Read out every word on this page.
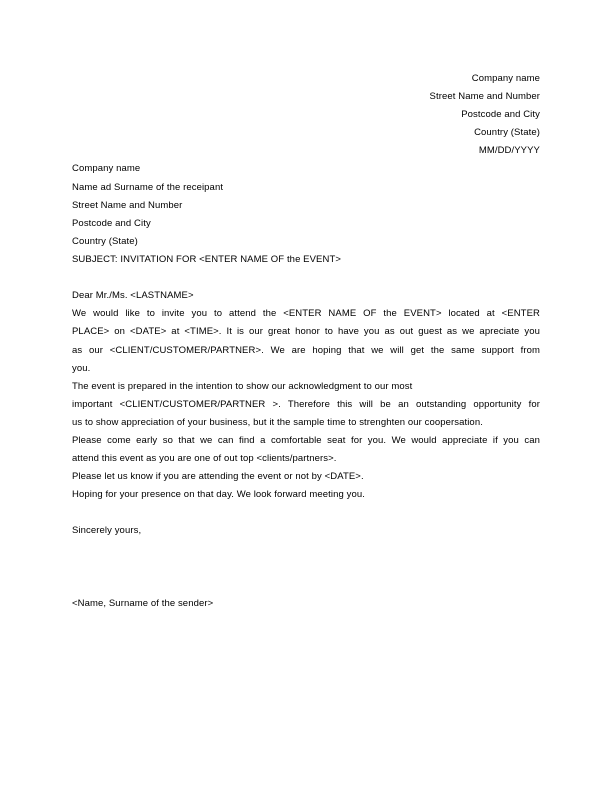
Company name
Street Name and Number
Postcode and City
Country (State)
MM/DD/YYYY
Company name
Name ad Surname of the receipant
Street Name and Number
Postcode and City
Country (State)
SUBJECT: INVITATION FOR <ENTER NAME OF the EVENT>
Dear Mr./Ms. <LASTNAME>
We would like to invite you to attend the <ENTER NAME OF the EVENT> located at <ENTER
PLACE> on <DATE> at <TIME>. It is our great honor to have you as out guest as we apreciate you
as our <CLIENT/CUSTOMER/PARTNER>. We are hoping that we will get the same support from
you.
The event is prepared in the intention to show our acknowledgment to our most
important <CLIENT/CUSTOMER/PARTNER >. Therefore this will be an outstanding opportunity for
us to show appreciation of your business, but it the sample time to strenghten our coopersation.
Please come early so that we can find a comfortable seat for you. We would appreciate if you can
attend this event as you are one of out top <clients/partners>.
Please let us know if you are attending the event or not by <DATE>.
Hoping for your presence on that day. We look forward meeting you.
Sincerely yours,
<Name, Surname of the sender>
